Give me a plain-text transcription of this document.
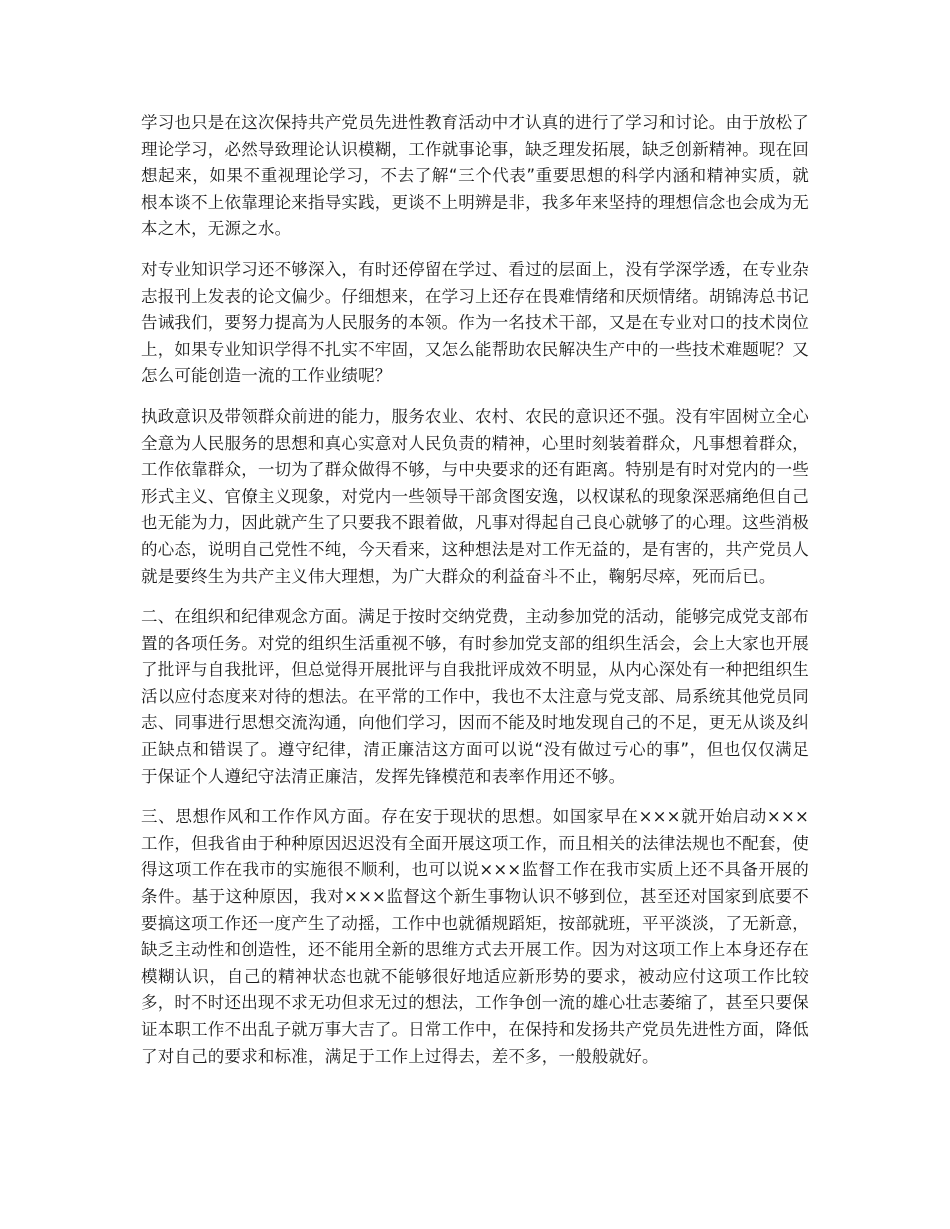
学习也只是在这次保持共产党员先进性教育活动中才认真的进行了学习和讨论。由于放松了理论学习，必然导致理论认识模糊，工作就事论事，缺乏理发拓展，缺乏创新精神。现在回想起来，如果不重视理论学习，不去了解“三个代表”重要思想的科学内涵和精神实质，就根本谈不上依靠理论来指导实践，更谈不上明辨是非，我多年来坚持的理想信念也会成为无本之木，无源之水。

对专业知识学习还不够深入，有时还停留在学过、看过的层面上，没有学深学透，在专业杂志报刊上发表的论文偏少。仔细想来，在学习上还存在畏难情绪和厌烦情绪。胡锦涛总书记告诫我们，要努力提高为人民服务的本领。作为一名技术干部，又是在专业对口的技术岗位上，如果专业知识学得不扎实不牢固，又怎么能帮助农民解决生产中的一些技术难题呢？又怎么可能创造一流的工作业绩呢？

执政意识及带领群众前进的能力，服务农业、农村、农民的意识还不强。没有牢固树立全心全意为人民服务的思想和真心实意对人民负责的精神，心里时刻装着群众，凡事想着群众，工作依靠群众，一切为了群众做得不够，与中央要求的还有距离。特别是有时对党内的一些形式主义、官僚主义现象，对党内一些领导干部贪图安逸，以权谋私的现象深恶痛绝但自己也无能为力，因此就产生了只要我不跟着做，凡事对得起自己良心就够了的心理。这些消极的心态，说明自己党性不纯，今天看来，这种想法是对工作无益的，是有害的，共产党员人就是要终生为共产主义伟大理想，为广大群众的利益奋斗不止，鞠躬尽瘁，死而后已。

二、在组织和纪律观念方面。满足于按时交纳党费，主动参加党的活动，能够完成党支部布置的各项任务。对党的组织生活重视不够，有时参加党支部的组织生活会，会上大家也开展了批评与自我批评，但总觉得开展批评与自我批评成效不明显，从内心深处有一种把组织生活以应付态度来对待的想法。在平常的工作中，我也不太注意与党支部、局系统其他党员同志、同事进行思想交流沟通，向他们学习，因而不能及时地发现自己的不足，更无从谈及纠正缺点和错误了。遵守纪律，清正廉洁这方面可以说“没有做过亏心的事”，但也仅仅满足于保证个人遵纪守法清正廉洁，发挥先锋模范和表率作用还不够。

三、思想作风和工作作风方面。存在安于现状的思想。如国家早在×××就开始启动×××工作，但我省由于种种原因迟迟没有全面开展这项工作，而且相关的法律法规也不配套，使得这项工作在我市的实施很不顺利，也可以说×××监督工作在我市实质上还不具备开展的条件。基于这种原因，我对×××监督这个新生事物认识不够到位，甚至还对国家到底要不要搞这项工作还一度产生了动摇，工作中也就循规蹈矩，按部就班，平平淡淡，了无新意，缺乏主动性和创造性，还不能用全新的思维方式去开展工作。因为对这项工作上本身还存在模糊认识，自己的精神状态也就不能够很好地适应新形势的要求，被动应付这项工作比较多，时不时还出现不求无功但求无过的想法，工作争创一流的雄心壮志萎缩了，甚至只要保证本职工作不出乱子就万事大吉了。日常工作中，在保持和发扬共产党员先进性方面，降低了对自己的要求和标准，满足于工作上过得去，差不多，一般般就好。
